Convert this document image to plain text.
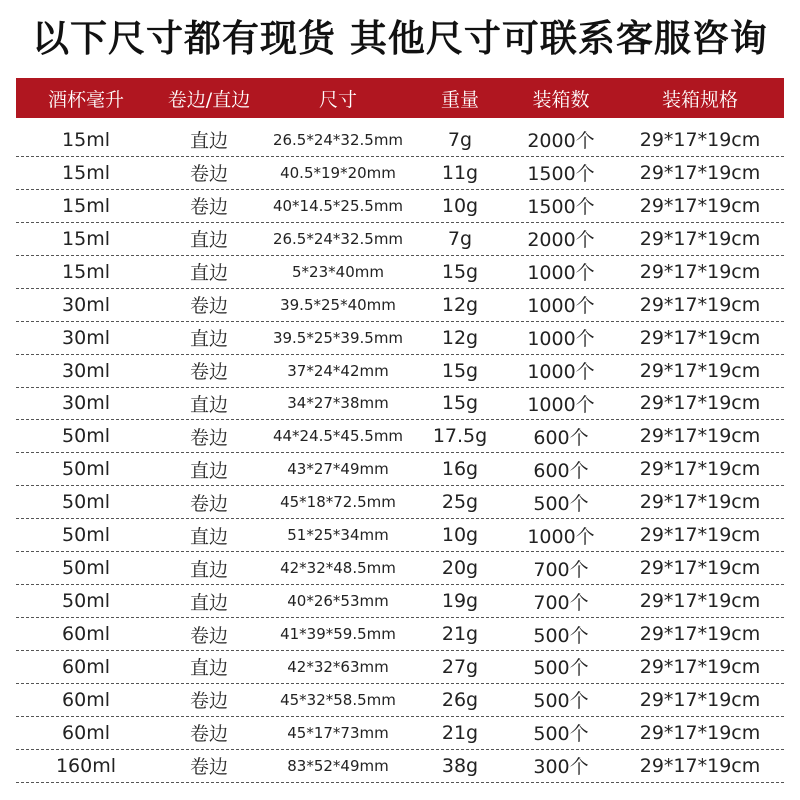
以下尺寸都有现货 其他尺寸可联系客服咨询
酒杯毫升	卷边/直边	尺寸	重量	装箱数	装箱规格
15ml	直边	26.5*24*32.5mm	7g	2000个	29*17*19cm
15ml	卷边	40.5*19*20mm	11g	1500个	29*17*19cm
15ml	卷边	40*14.5*25.5mm	10g	1500个	29*17*19cm
15ml	直边	26.5*24*32.5mm	7g	2000个	29*17*19cm
15ml	直边	5*23*40mm	15g	1000个	29*17*19cm
30ml	卷边	39.5*25*40mm	12g	1000个	29*17*19cm
30ml	直边	39.5*25*39.5mm	12g	1000个	29*17*19cm
30ml	卷边	37*24*42mm	15g	1000个	29*17*19cm
30ml	直边	34*27*38mm	15g	1000个	29*17*19cm
50ml	卷边	44*24.5*45.5mm	17.5g	600个	29*17*19cm
50ml	直边	43*27*49mm	16g	600个	29*17*19cm
50ml	卷边	45*18*72.5mm	25g	500个	29*17*19cm
50ml	直边	51*25*34mm	10g	1000个	29*17*19cm
50ml	直边	42*32*48.5mm	20g	700个	29*17*19cm
50ml	直边	40*26*53mm	19g	700个	29*17*19cm
60ml	卷边	41*39*59.5mm	21g	500个	29*17*19cm
60ml	直边	42*32*63mm	27g	500个	29*17*19cm
60ml	卷边	45*32*58.5mm	26g	500个	29*17*19cm
60ml	卷边	45*17*73mm	21g	500个	29*17*19cm
160ml	卷边	83*52*49mm	38g	300个	29*17*19cm
